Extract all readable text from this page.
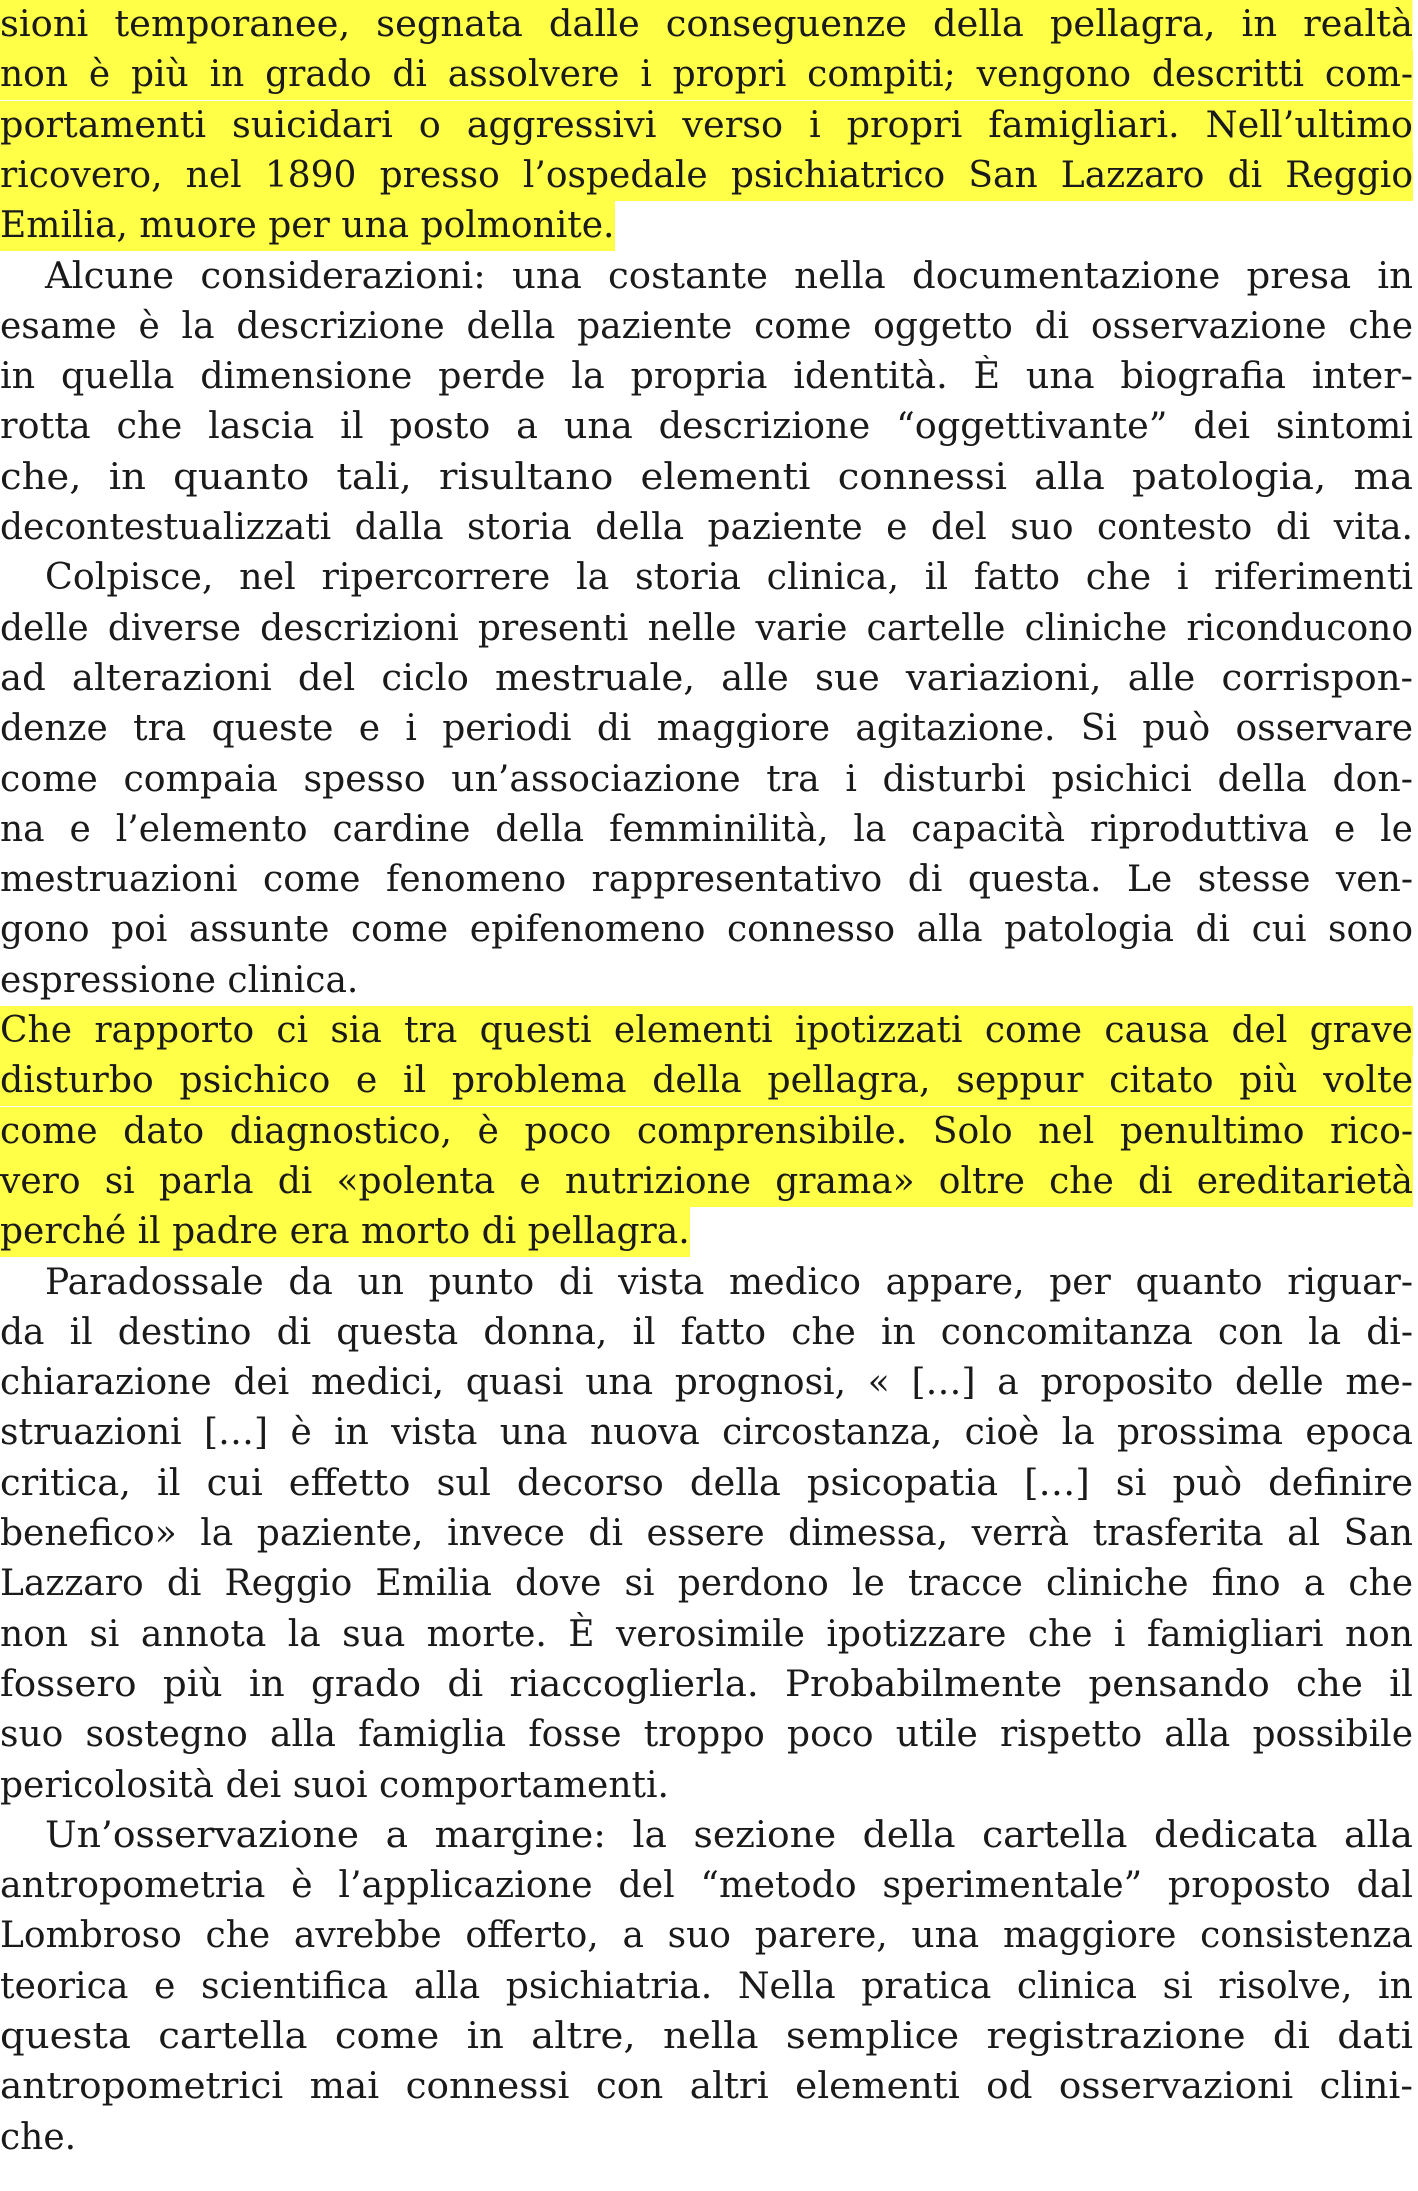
sioni temporanee, segnata dalle conseguenze della pellagra, in realtà
non è più in grado di assolvere i propri compiti; vengono descritti com-
portamenti suicidari o aggressivi verso i propri famigliari. Nell’ultimo
ricovero, nel 1890 presso l’ospedale psichiatrico San Lazzaro di Reggio
Emilia, muore per una polmonite.
Alcune considerazioni: una costante nella documentazione presa in
esame è la descrizione della paziente come oggetto di osservazione che
in quella dimensione perde la propria identità. È una biografia inter-
rotta che lascia il posto a una descrizione “oggettivante” dei sintomi
che, in quanto tali, risultano elementi connessi alla patologia, ma
decontestualizzati dalla storia della paziente e del suo contesto di vita.
Colpisce, nel ripercorrere la storia clinica, il fatto che i riferimenti
delle diverse descrizioni presenti nelle varie cartelle cliniche riconducono
ad alterazioni del ciclo mestruale, alle sue variazioni, alle corrispon-
denze tra queste e i periodi di maggiore agitazione. Si può osservare
come compaia spesso un’associazione tra i disturbi psichici della don-
na e l’elemento cardine della femminilità, la capacità riproduttiva e le
mestruazioni come fenomeno rappresentativo di questa. Le stesse ven-
gono poi assunte come epifenomeno connesso alla patologia di cui sono
espressione clinica.
Che rapporto ci sia tra questi elementi ipotizzati come causa del grave
disturbo psichico e il problema della pellagra, seppur citato più volte
come dato diagnostico, è poco comprensibile. Solo nel penultimo rico-
vero si parla di «polenta e nutrizione grama» oltre che di ereditarietà
perché il padre era morto di pellagra.
Paradossale da un punto di vista medico appare, per quanto riguar-
da il destino di questa donna, il fatto che in concomitanza con la di-
chiarazione dei medici, quasi una prognosi, « […] a proposito delle me-
struazioni […] è in vista una nuova circostanza, cioè la prossima epoca
critica, il cui effetto sul decorso della psicopatia […] si può definire
benefico» la paziente, invece di essere dimessa, verrà trasferita al San
Lazzaro di Reggio Emilia dove si perdono le tracce cliniche fino a che
non si annota la sua morte. È verosimile ipotizzare che i famigliari non
fossero più in grado di riaccoglierla. Probabilmente pensando che il
suo sostegno alla famiglia fosse troppo poco utile rispetto alla possibile
pericolosità dei suoi comportamenti.
Un’osservazione a margine: la sezione della cartella dedicata alla
antropometria è l’applicazione del “metodo sperimentale” proposto dal
Lombroso che avrebbe offerto, a suo parere, una maggiore consistenza
teorica e scientifica alla psichiatria. Nella pratica clinica si risolve, in
questa cartella come in altre, nella semplice registrazione di dati
antropometrici mai connessi con altri elementi od osservazioni clini-
che.
